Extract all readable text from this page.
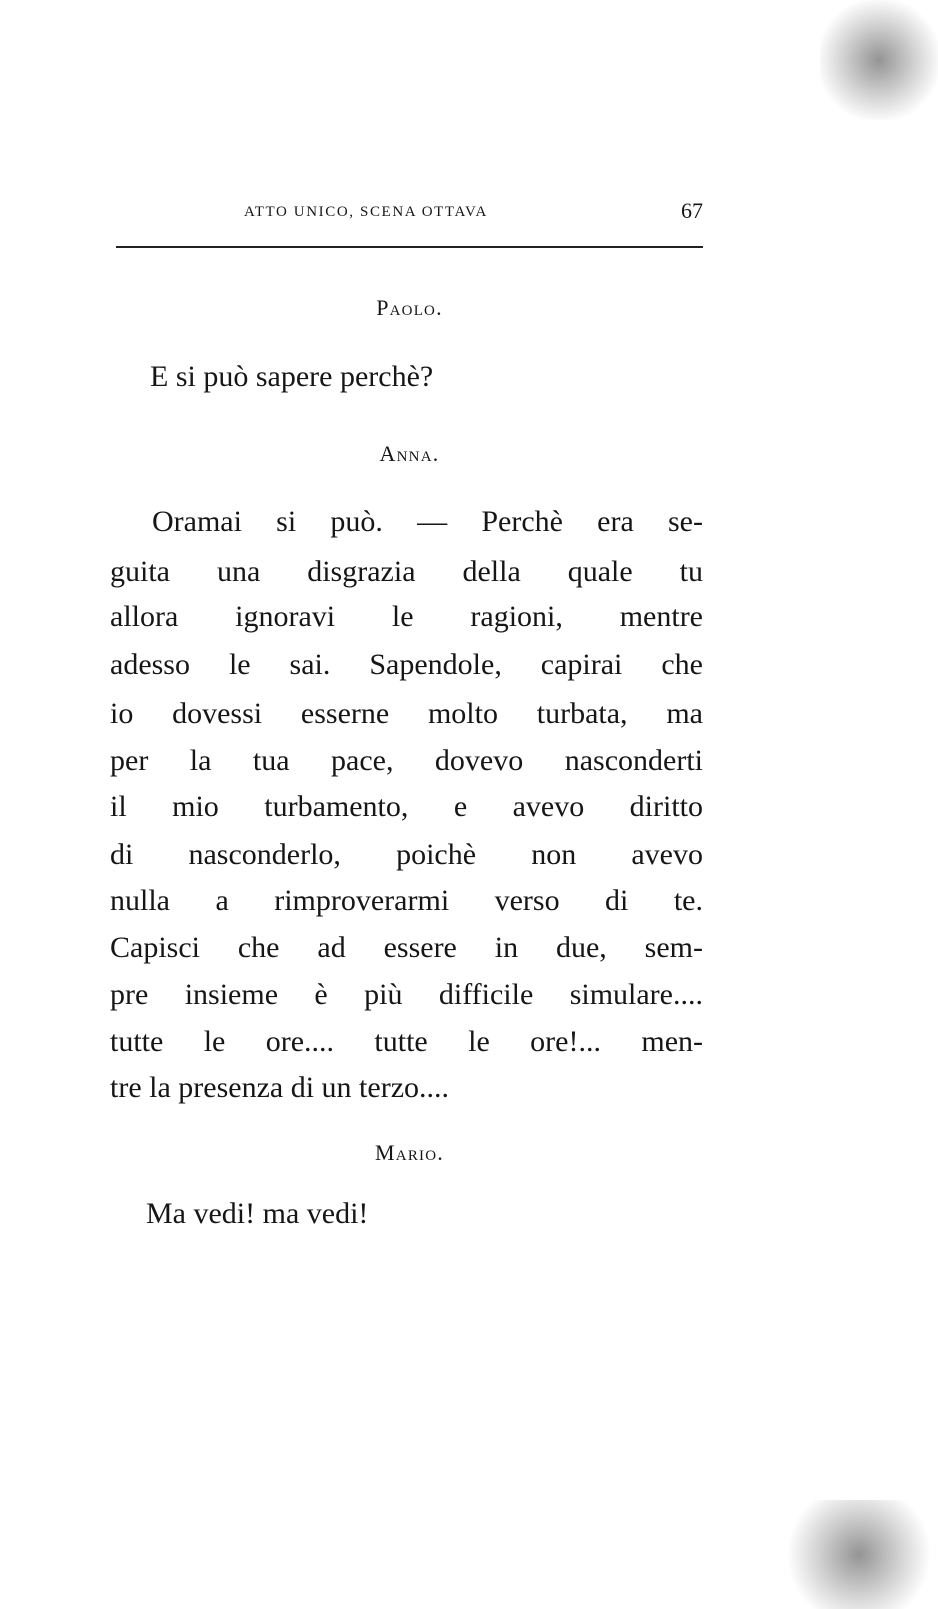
ATTO UNICO, SCENA OTTAVA	67
Paolo.
E si può sapere perchè?
Anna.
Oramai si può. — Perchè era se-
guita una disgrazia della quale tu
allora ignoravi le ragioni, mentre
adesso le sai. Sapendole, capirai che
io dovessi esserne molto turbata, ma
per la tua pace, dovevo nasconderti
il mio turbamento, e avevo diritto
di nasconderlo, poichè non avevo
nulla a rimproverarmi verso di te.
Capisci che ad essere in due, sem-
pre insieme è più difficile simulare....
tutte le ore.... tutte le ore!... men-
tre la presenza di un terzo....
Mario.
Ma vedi! ma vedi!
